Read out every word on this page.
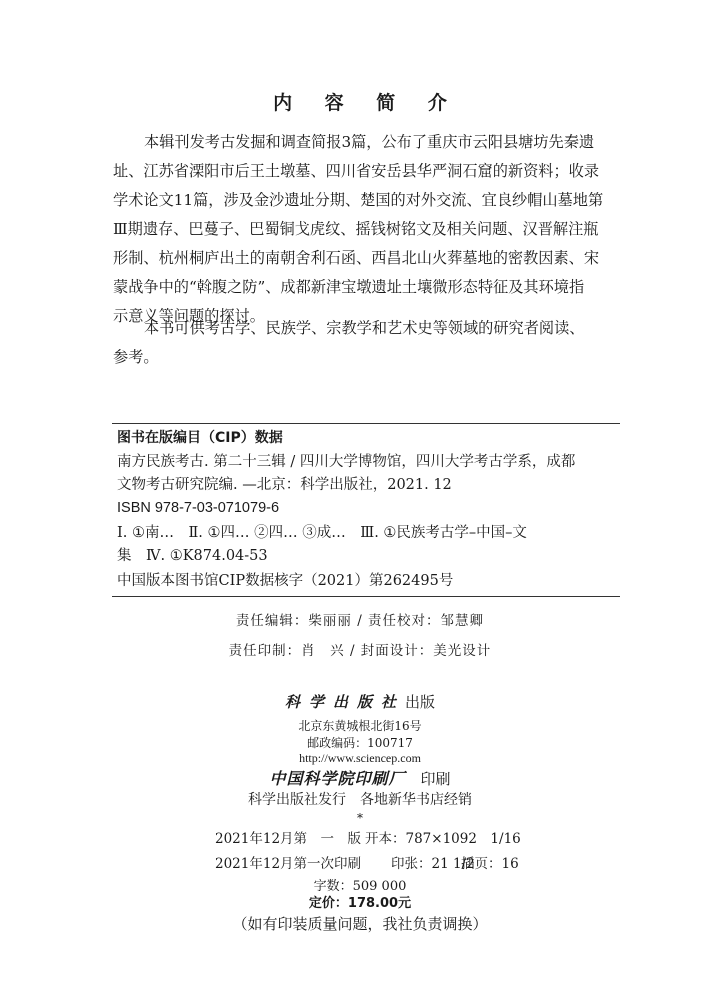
内 容 简 介
本辑刊发考古发掘和调查简报3篇，公布了重庆市云阳县塘坊先秦遗
址、江苏省溧阳市后王土墩墓、四川省安岳县华严洞石窟的新资料；收录
学术论文11篇，涉及金沙遗址分期、楚国的对外交流、宜良纱帽山墓地第
Ⅲ期遗存、巴蔓子、巴蜀铜戈虎纹、摇钱树铭文及相关问题、汉晋解注瓶
形制、杭州桐庐出土的南朝舍利石函、西昌北山火葬墓地的密教因素、宋
蒙战争中的“斡腹之防”、成都新津宝墩遗址土壤微形态特征及其环境指
示意义等问题的探讨。
本书可供考古学、民族学、宗教学和艺术史等领域的研究者阅读、
参考。
图书在版编目（CIP）数据
南方民族考古. 第二十三辑 / 四川大学博物馆，四川大学考古学系，成都
文物考古研究院编. —北京：科学出版社，2021. 12
ISBN 978-7-03-071079-6
Ⅰ. ①南…　Ⅱ. ①四… ②四… ③成…　Ⅲ. ①民族考古学–中国–文
集　Ⅳ. ①K874.04-53
中国版本图书馆CIP数据核字（2021）第262495号
责任编辑：柴丽丽 / 责任校对：邹慧卿
责任印制：肖　兴 / 封面设计：美光设计
科学出版社出版
北京东黄城根北街16号
邮政编码：100717
http://www.sciencep.com
中国科学院印刷厂　 印刷
科学出版社发行　各地新华书店经销
*
2021年12月第　一　版 开本：787×1092　1/16
2021年12月第一次印刷 印张：21 1/2
插页：16
字数：509 000
定价：178.00元
（如有印装质量问题，我社负责调换）
